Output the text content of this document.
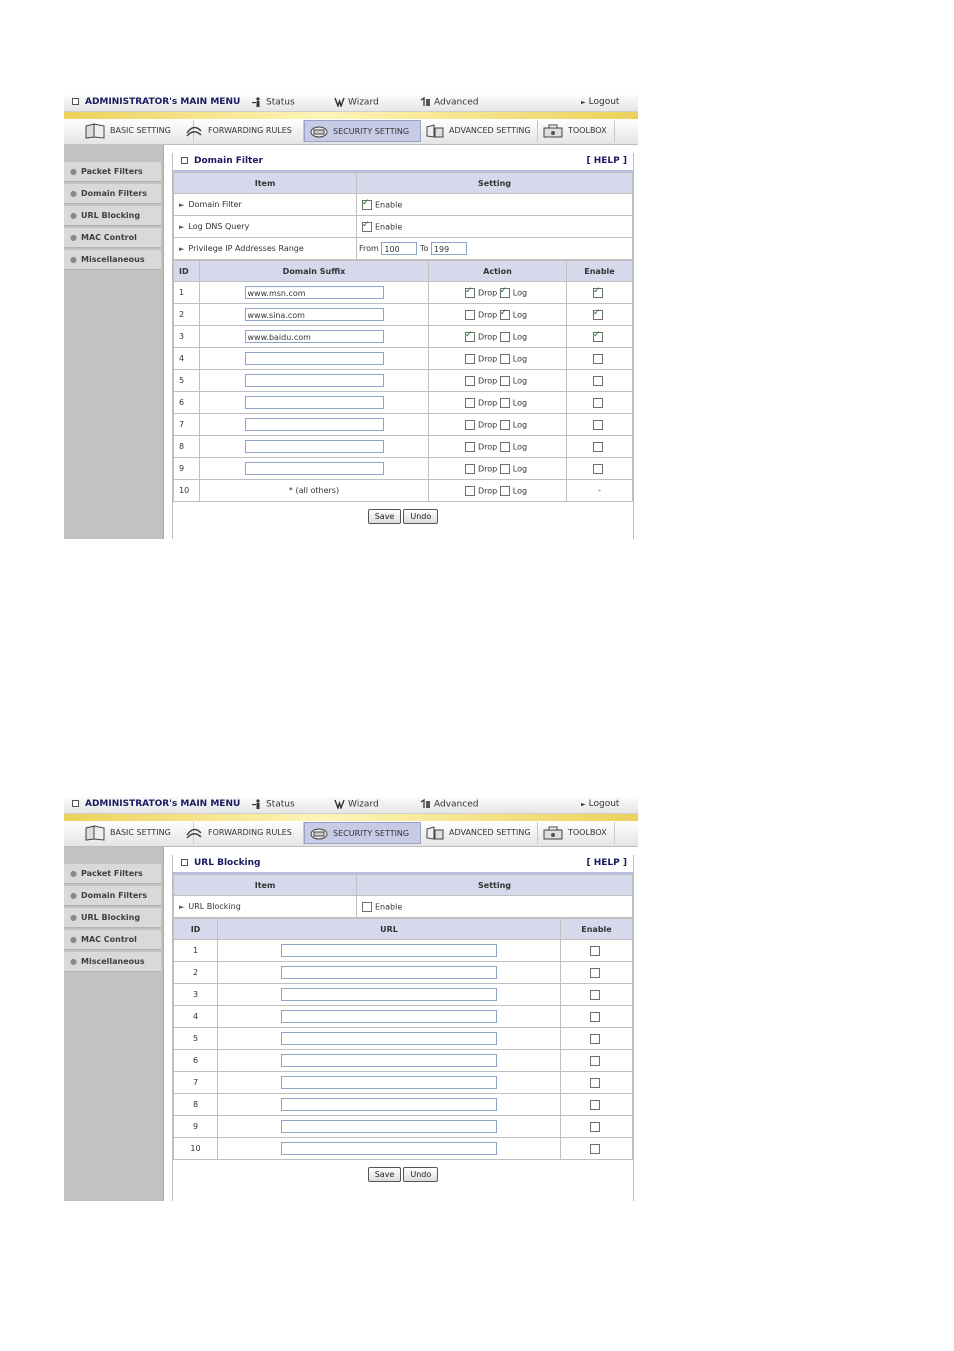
ADMINISTRATOR's MAIN MENU	Status	Wizard	Advanced	► Logout
BASIC SETTING	FORWARDING RULES	SECURITY SETTING	ADVANCED SETTING	TOOLBOX
● Packet Filters
● Domain Filters
● URL Blocking
● MAC Control
● Miscellaneous
Domain Filter	[ HELP ]
Item	Setting
► Domain Filter	✓Enable
► Log DNS Query	✓Enable
► Privilege IP Addresses Range	From 100 To 199
ID	Domain Suffix	Action	Enable
1	www.msn.com	✓Drop ✓ Log	✓
2	www.sina.com	Drop ✓ Log	✓
3	www.baidu.com	✓Drop Log	✓
4		Drop Log	
5		Drop Log	
6		Drop Log	
7		Drop Log	
8		Drop Log	
9		Drop Log	
10	* (all others)	Drop Log	-
Save Undo
ADMINISTRATOR's MAIN MENU	Status	Wizard	Advanced	► Logout
BASIC SETTING	FORWARDING RULES	SECURITY SETTING	ADVANCED SETTING	TOOLBOX
● Packet Filters
● Domain Filters
● URL Blocking
● MAC Control
● Miscellaneous
URL Blocking	[ HELP ]
Item	Setting
► URL Blocking	Enable
ID	URL	Enable
1		
2		
3		
4		
5		
6		
7		
8		
9		
10		
Save Undo
